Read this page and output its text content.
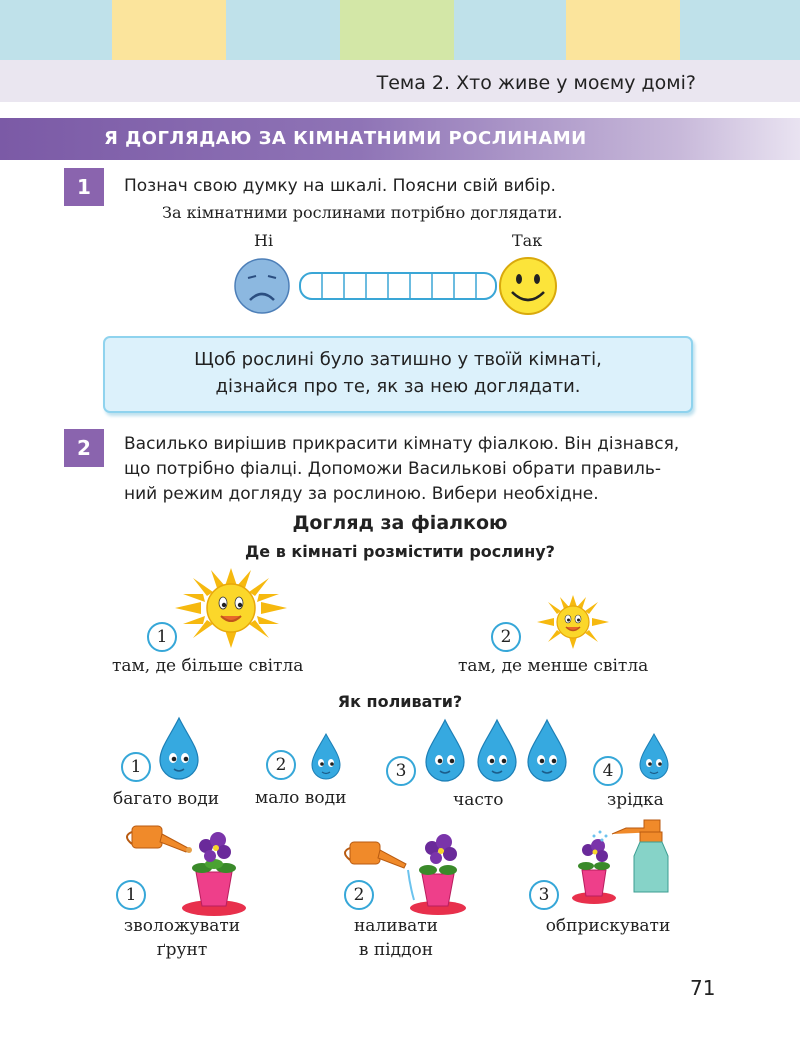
Тема 2. Хто живе у моєму домі?
Я ДОГЛЯДАЮ ЗА КІМНАТНИМИ РОСЛИНАМИ
1	Познач свою думку на шкалі. Поясни свій вибір.
За кімнатними рослинами потрібно доглядати.
Ні	Так
Щоб рослині було затишно у твоїй кімнаті,
дізнайся про те, як за нею доглядати.
2	Василько вирішив прикрасити кімнату фіалкою. Він дізнався,
що потрібно фіалці. Допоможи Василькові обрати правиль-
ний режим догляду за рослиною. Вибери необхідне.
Догляд за фіалкою
Де в кімнаті розмістити рослину?
1	2
там, де більше світла	там, де менше світла
Як поливати?
1	2	3	4
багато води мало води	часто	зрідка
1	2	3
зволожувати
ґрунт
наливати
в піддон
обприскувати
71
